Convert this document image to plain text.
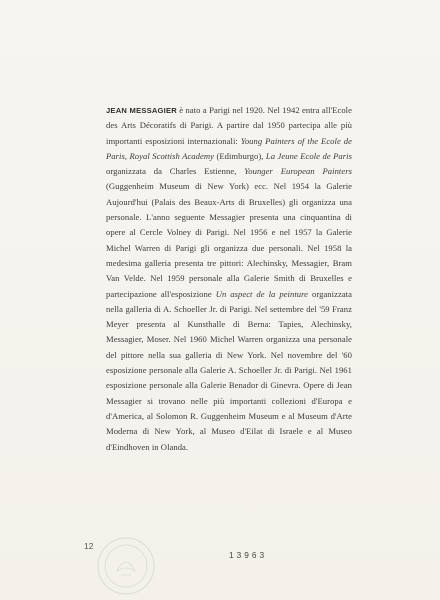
JEAN MESSAGIER è nato a Parigi nel 1920. Nel 1942 entra all'Ecole des Arts Décoratifs di Parigi. A partire dal 1950 partecipa alle più importanti esposizioni internazionali: Young Painters of the Ecole de Paris, Royal Scottish Academy (Edimburgo), La Jeune Ecole de Paris organizzata da Charles Estienne, Younger European Painters (Guggenheim Museum di New York) ecc. Nel 1954 la Galerie Aujourd'hui (Palais des Beaux-Arts di Bruxelles) gli organizza una personale. L'anno seguente Messagier presenta una cinquantina di opere al Cercle Volney di Parigi. Nel 1956 e nel 1957 la Galerie Michel Warren di Parigi gli organizza due personali. Nel 1958 la medesima galleria presenta tre pittori: Alechinsky, Messagier, Bram Van Velde. Nel 1959 personale alla Galerie Smith di Bruxelles e partecipazione all'esposizione Un aspect de la peinture organizzata nella galleria di A. Schoeller Jr. di Parigi. Nel settembre del '59 Franz Meyer presenta al Kunsthalle di Berna: Tapies, Alechinsky, Messagier, Moser. Nel 1960 Michel Warren organizza una personale del pittore nella sua galleria di New York. Nel novembre del '60 esposizione personale alla Galerie A. Schoeller Jr. di Parigi. Nel 1961 esposizione personale alla Galerie Benador di Ginevra. Opere di Jean Messagier si trovano nelle più importanti collezioni d'Europa e d'America, al Solomon R. Guggenheim Museum e al Museum d'Arte Moderna di New York, al Museo d'Eilat di Israele e al Museo d'Eindhoven in Olanda.

12
13963
